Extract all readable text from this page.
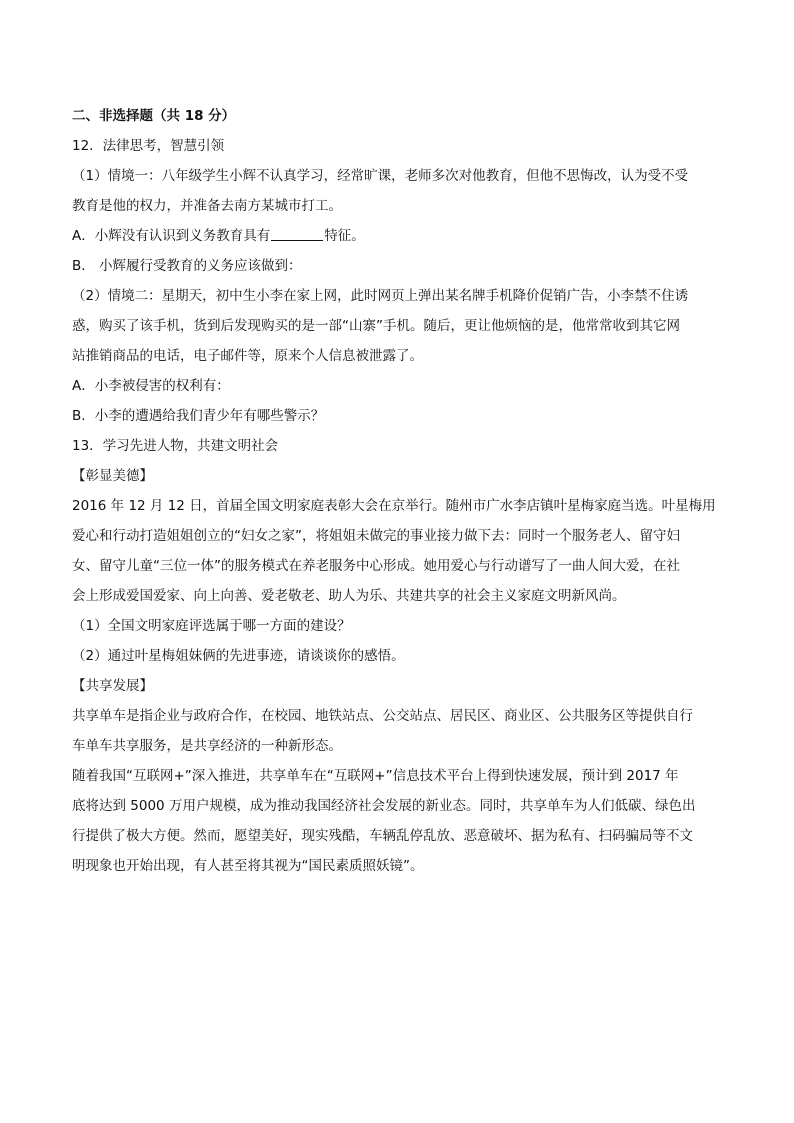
二、非选择题（共 18 分）

12．法律思考，智慧引领

（1）情境一：八年级学生小辉不认真学习，经常旷课，老师多次对他教育，但他不思悔改，认为受不受

教育是他的权力，并准备去南方某城市打工。

A．小辉没有认识到义务教育具有	特征。

B． 小辉履行受教育的义务应该做到：

（2）情境二：星期天，初中生小李在家上网，此时网页上弹出某名牌手机降价促销广告，小李禁不住诱

惑，购买了该手机，货到后发现购买的是一部“山寨”手机。随后，更让他烦恼的是，他常常收到其它网

站推销商品的电话，电子邮件等，原来个人信息被泄露了。

A．小李被侵害的权利有：

B．小李的遭遇给我们青少年有哪些警示？

13．学习先进人物，共建文明社会

【彰显美德】

2016 年 12 月 12 日，首届全国文明家庭表彰大会在京举行。随州市广水李店镇叶星梅家庭当选。叶星梅用

爱心和行动打造姐姐创立的“妇女之家”，将姐姐未做完的事业接力做下去：同时一个服务老人、留守妇

女、留守儿童“三位一体”的服务模式在养老服务中心形成。她用爱心与行动谱写了一曲人间大爱，在社

会上形成爱国爱家、向上向善、爱老敬老、助人为乐、共建共享的社会主义家庭文明新风尚。

（1）全国文明家庭评选属于哪一方面的建设？

（2）通过叶星梅姐妹俩的先进事迹，请谈谈你的感悟。

【共享发展】

共享单车是指企业与政府合作，在校园、地铁站点、公交站点、居民区、商业区、公共服务区等提供自行

车单车共享服务，是共享经济的一种新形态。

随着我国“互联网+”深入推进，共享单车在“互联网+”信息技术平台上得到快速发展，预计到 2017 年

底将达到 5000 万用户规模，成为推动我国经济社会发展的新业态。同时，共享单车为人们低碳、绿色出

行提供了极大方便。然而，愿望美好，现实残酷，车辆乱停乱放、恶意破坏、据为私有、扫码骗局等不文

明现象也开始出现，有人甚至将其视为“国民素质照妖镜”。
